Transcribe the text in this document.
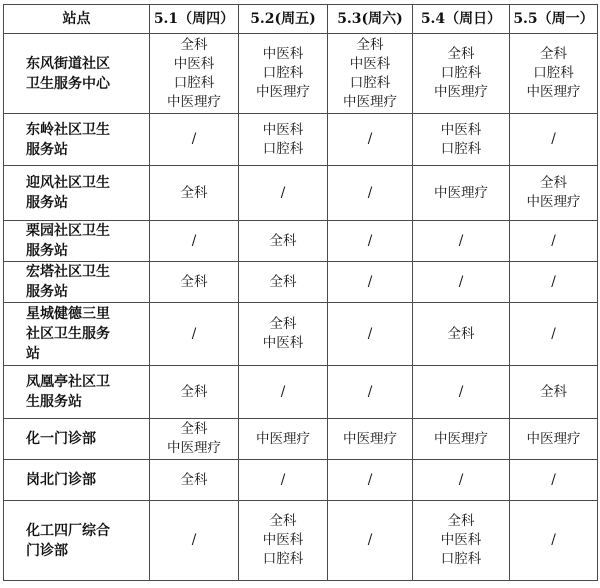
站点	5.1（周四）	5.2(周五)	5.3(周六)	5.4（周日）	5.5（周一）

东风街道社区
卫生服务中心	全科
中医科
口腔科
中医理疗	中医科
口腔科
中医理疗	全科
中医科
口腔科
中医理疗	全科
口腔科
中医理疗	全科
口腔科
中医理疗

东岭社区卫生
服务站	/	中医科
口腔科	/	中医科
口腔科	/

迎风社区卫生
服务站	全科	/	/	中医理疗	全科
中医理疗

栗园社区卫生
服务站	/	全科	/	/	/

宏塔社区卫生
服务站	全科	全科	/	/	/

星城健德三里
社区卫生服务
站	/	全科
中医科	/	全科	/

凤凰亭社区卫
生服务站	全科	/	/	/	全科

化一门诊部	全科
中医理疗	中医理疗	中医理疗	中医理疗	中医理疗

岗北门诊部	全科	/	/	/	/

化工四厂综合
门诊部	/	全科
中医科
口腔科	/	全科
中医科
口腔科	/
